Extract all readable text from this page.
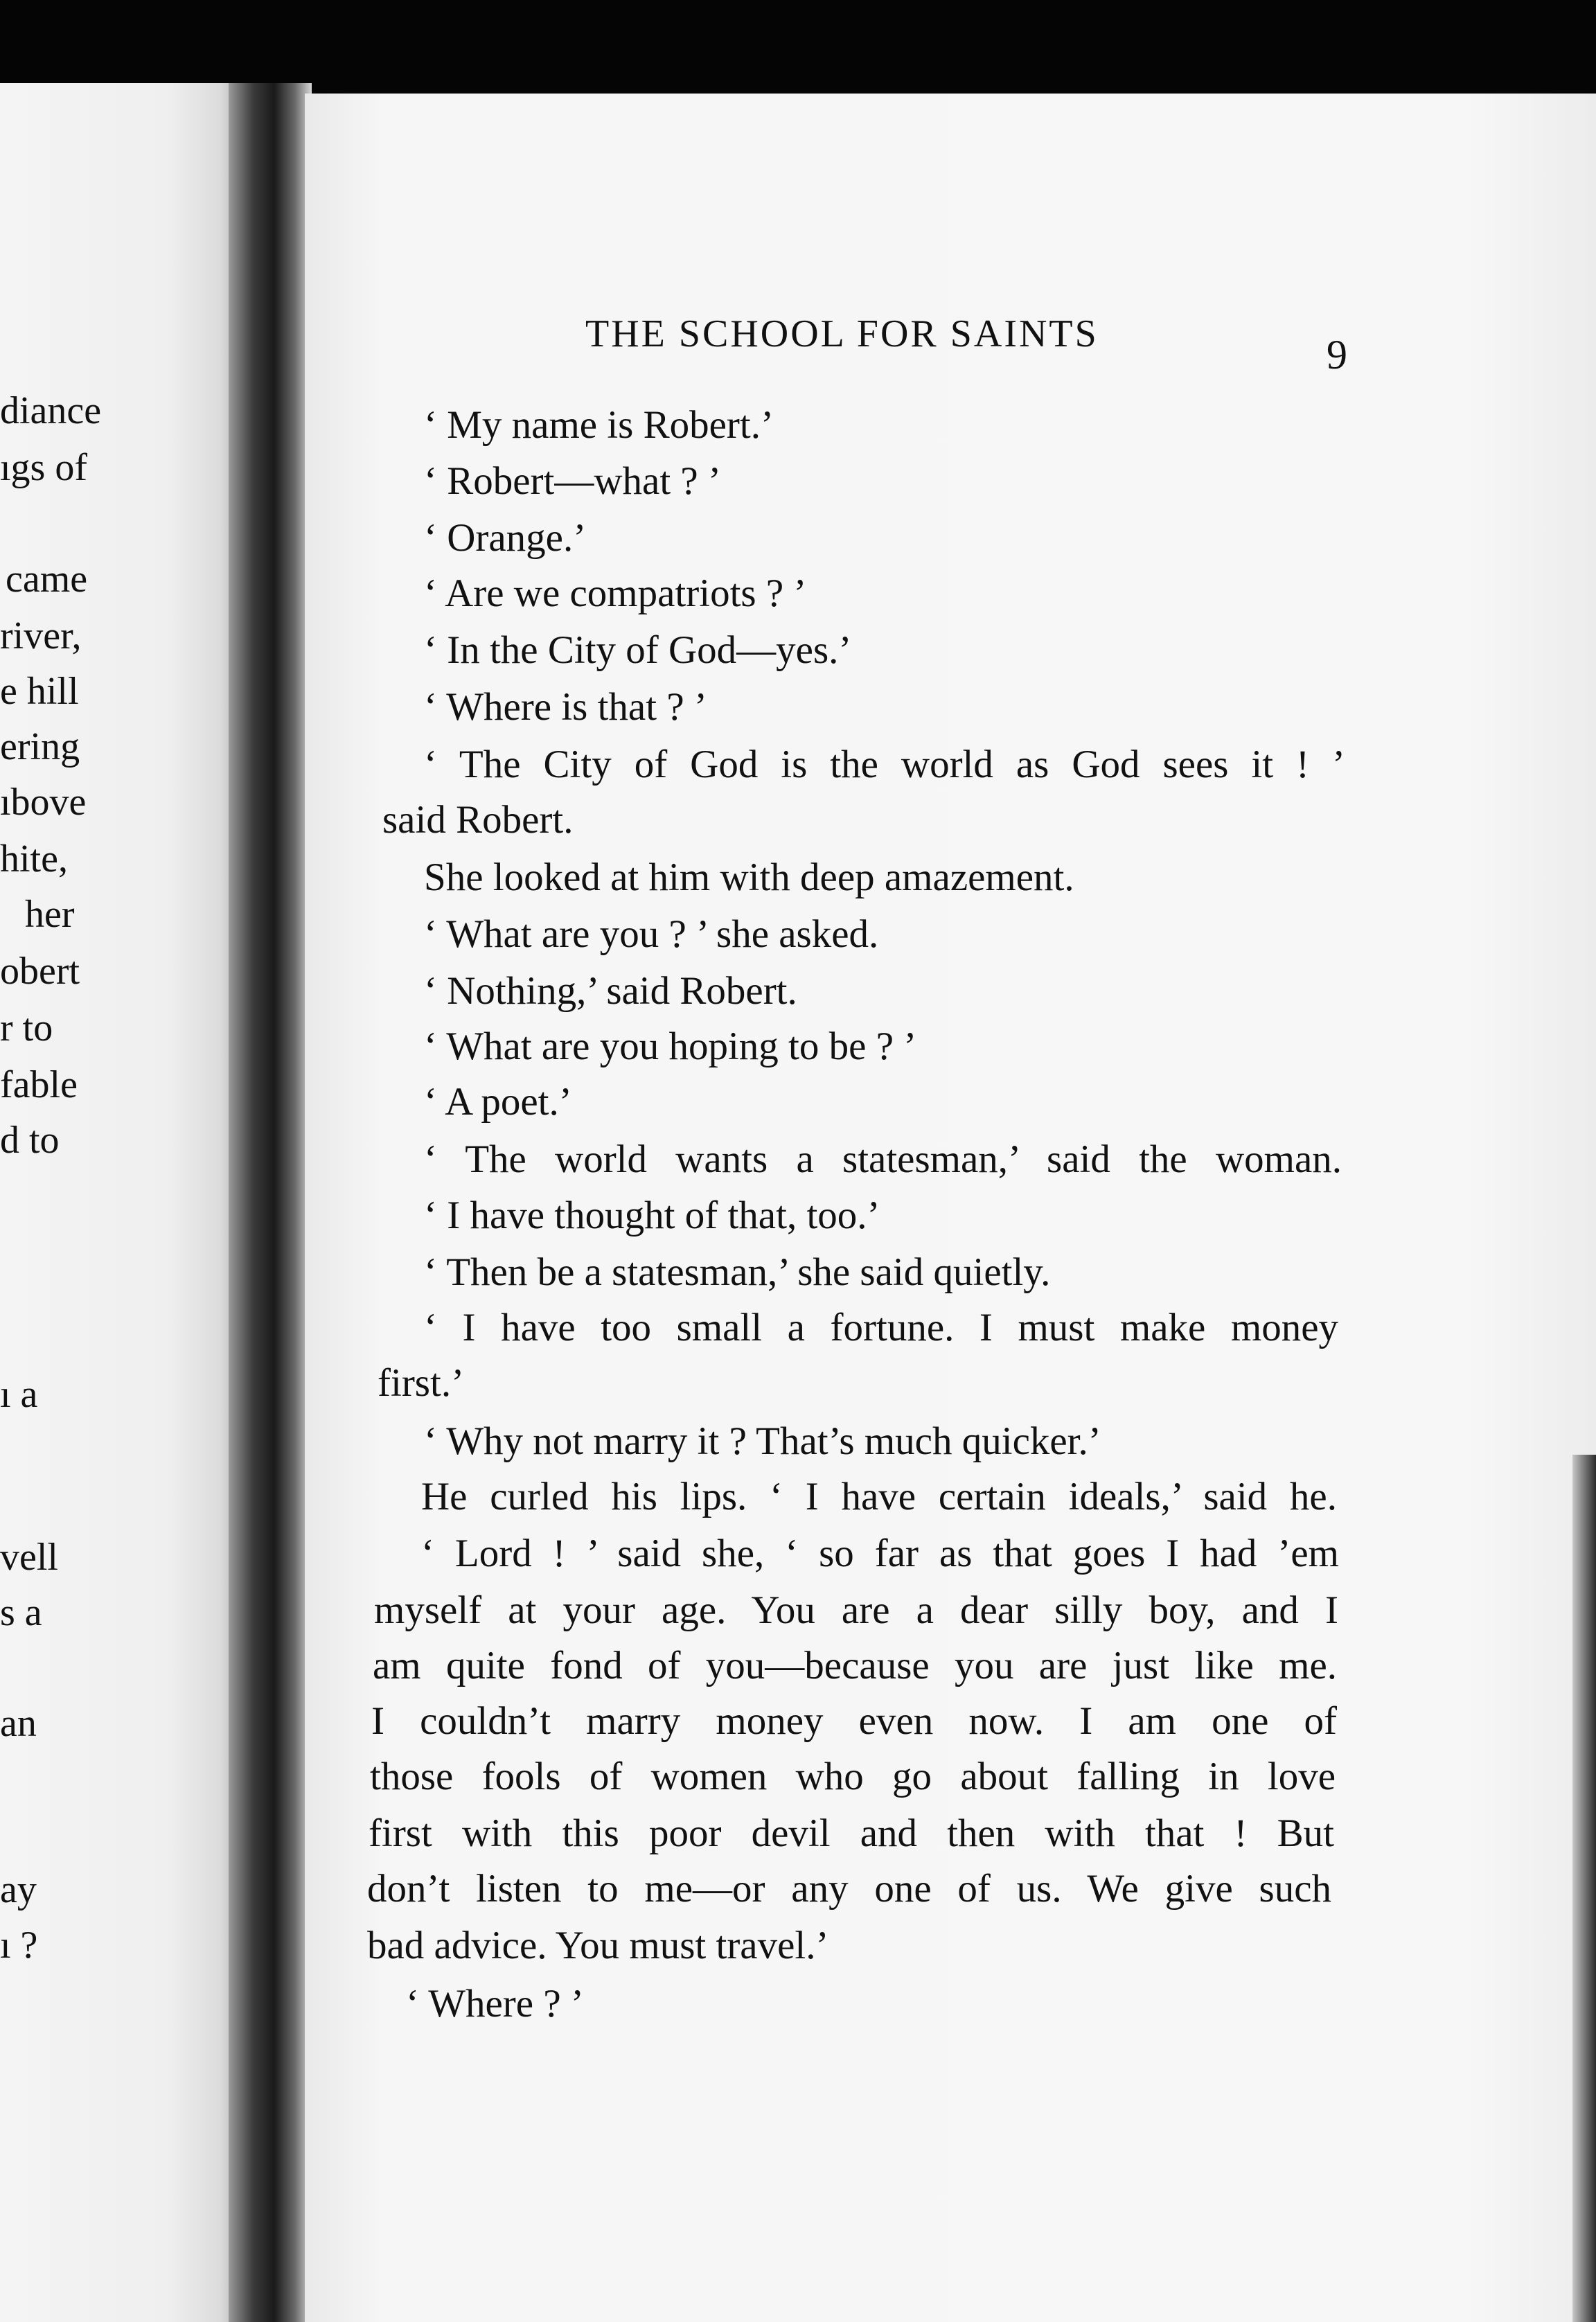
diance
ıgs of
came
river,
e hill
ering
ıbove
hite,
her
obert
r to
fable
d to
ı a
vell
s a
an
ay
ı ?
THE SCHOOL FOR SAINTS	9
‘ My name is Robert.’
‘ Robert—what ? ’
‘ Orange.’
‘ Are we compatriots ? ’
‘ In the City of God—yes.’
‘ Where is that ? ’
‘ The City of God is the world as God sees it ! ’
said Robert.
She looked at him with deep amazement.
‘ What are you ? ’ she asked.
‘ Nothing,’ said Robert.
‘ What are you hoping to be ? ’
‘ A poet.’
‘ The world wants a statesman,’ said the woman.
‘ I have thought of that, too.’
‘ Then be a statesman,’ she said quietly.
‘ I have too small a fortune. I must make money
first.’
‘ Why not marry it ? That’s much quicker.’
He curled his lips. ‘ I have certain ideals,’ said he.
‘ Lord ! ’ said she, ‘ so far as that goes I had ’em
myself at your age. You are a dear silly boy, and I
am quite fond of you—because you are just like me.
I couldn’t marry money even now. I am one of
those fools of women who go about falling in love
first with this poor devil and then with that ! But
don’t listen to me—or any one of us. We give such
bad advice. You must travel.’
‘ Where ? ’
